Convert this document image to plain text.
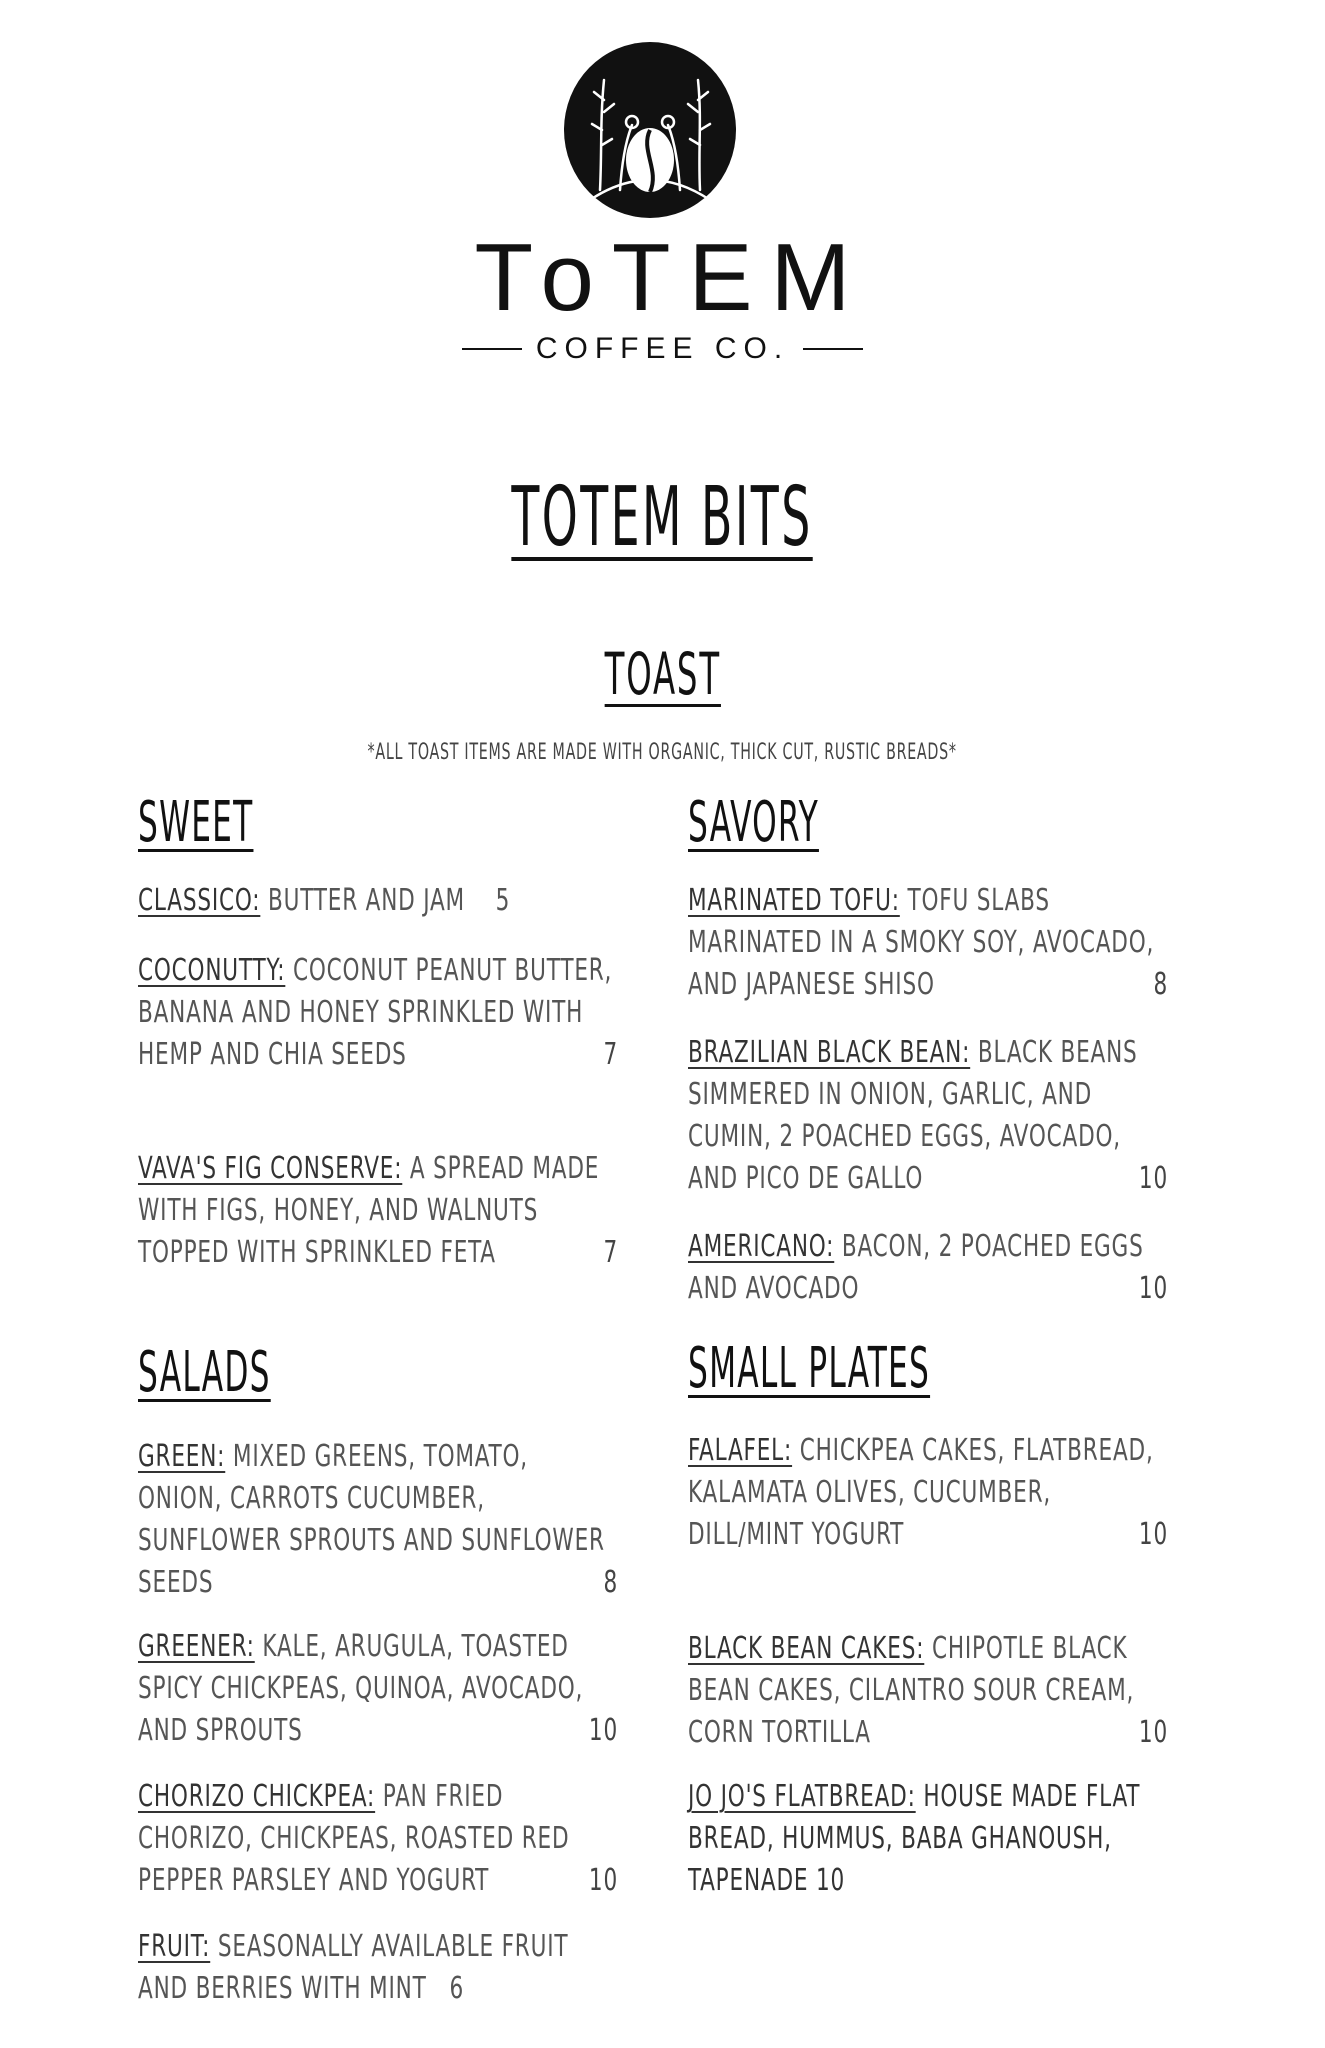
ToTEM
COFFEE CO.
TOTEM BITS
TOAST
*ALL TOAST ITEMS ARE MADE WITH ORGANIC, THICK CUT, RUSTIC BREADS*
SWEET
CLASSICO: BUTTER AND JAM 5
COCONUTTY: COCONUT PEANUT BUTTER, BANANA AND HONEY SPRINKLED WITH HEMP AND CHIA SEEDS	7
VAVA'S FIG CONSERVE: A SPREAD MADE WITH FIGS, HONEY, AND WALNUTS TOPPED WITH SPRINKLED FETA	7
SALADS
GREEN: MIXED GREENS, TOMATO, ONION, CARROTS CUCUMBER, SUNFLOWER SPROUTS AND SUNFLOWER SEEDS	8
GREENER: KALE, ARUGULA, TOASTED SPICY CHICKPEAS, QUINOA, AVOCADO, AND SPROUTS	10
CHORIZO CHICKPEA: PAN FRIED CHORIZO, CHICKPEAS, ROASTED RED PEPPER PARSLEY AND YOGURT	10
FRUIT: SEASONALLY AVAILABLE FRUIT AND BERRIES WITH MINT 6
SAVORY
MARINATED TOFU: TOFU SLABS MARINATED IN A SMOKY SOY, AVOCADO, AND JAPANESE SHISO	8
BRAZILIAN BLACK BEAN: BLACK BEANS SIMMERED IN ONION, GARLIC, AND CUMIN, 2 POACHED EGGS, AVOCADO, AND PICO DE GALLO	10
AMERICANO: BACON, 2 POACHED EGGS AND AVOCADO	10
SMALL PLATES
FALAFEL: CHICKPEA CAKES, FLATBREAD, KALAMATA OLIVES, CUCUMBER, DILL/MINT YOGURT	10
BLACK BEAN CAKES: CHIPOTLE BLACK BEAN CAKES, CILANTRO SOUR CREAM, CORN TORTILLA	10
JO JO'S FLATBREAD: HOUSE MADE FLAT BREAD, HUMMUS, BABA GHANOUSH, TAPENADE 10
